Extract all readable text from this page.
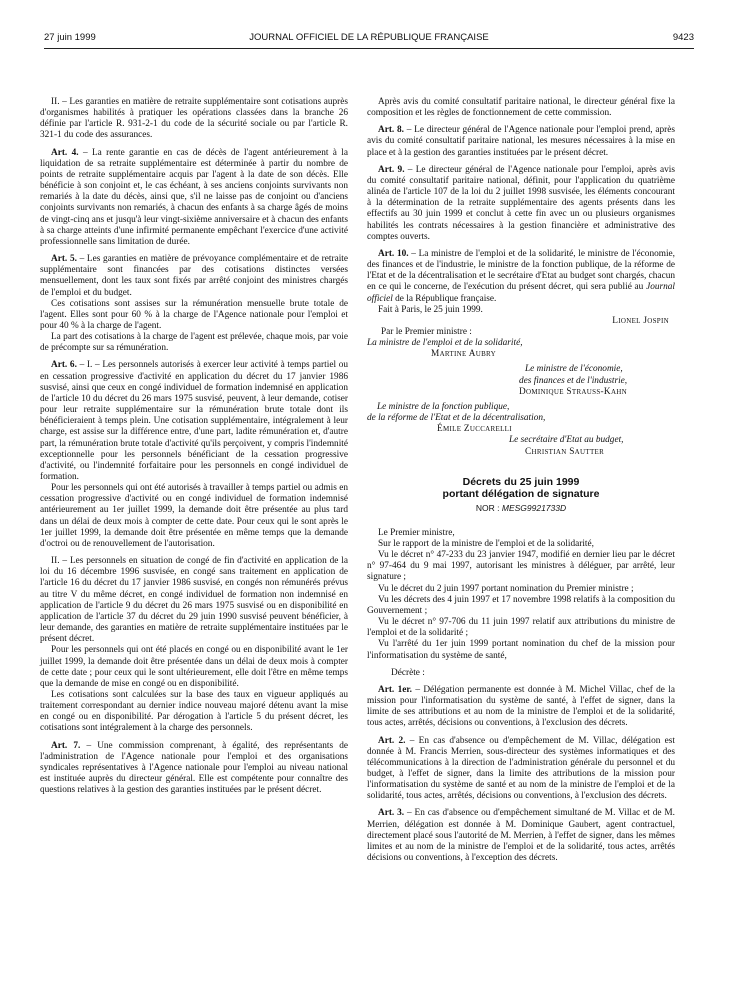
27 juin 1999	JOURNAL OFFICIEL DE LA RÉPUBLIQUE FRANÇAISE	9423

II. – Les garanties en matière de retraite supplémentaire sont cotisations auprès d'organismes habilités à pratiquer les opérations classées dans la branche 26 définie par l'article R. 931-2-1 du code de la sécurité sociale ou par l'article R. 321-1 du code des assurances.

Art. 4. – La rente garantie en cas de décès de l'agent antérieurement à la liquidation de sa retraite supplémentaire est déterminée à partir du nombre de points de retraite supplémentaire acquis par l'agent à la date de son décès. Elle bénéficie à son conjoint et, le cas échéant, à ses anciens conjoints survivants non remariés à la date du décès, ainsi que, s'il ne laisse pas de conjoint ou d'anciens conjoints survivants non remariés, à chacun des enfants à sa charge âgés de moins de vingt-cinq ans et jusqu'à leur vingt-sixième anniversaire et à chacun des enfants à sa charge atteints d'une infirmité permanente empêchant l'exercice d'une activité professionnelle sans limitation de durée.

Art. 5. – Les garanties en matière de prévoyance complémentaire et de retraite supplémentaire sont financées par des cotisations distinctes versées mensuellement, dont les taux sont fixés par arrêté conjoint des ministres chargés de l'emploi et du budget.

Ces cotisations sont assises sur la rémunération mensuelle brute totale de l'agent. Elles sont pour 60 % à la charge de l'Agence nationale pour l'emploi et pour 40 % à la charge de l'agent.

La part des cotisations à la charge de l'agent est prélevée, chaque mois, par voie de précompte sur sa rémunération.

Art. 6. – I. – Les personnels autorisés à exercer leur activité à temps partiel ou en cessation progressive d'activité en application du décret du 17 janvier 1986 susvisé, ainsi que ceux en congé individuel de formation indemnisé en application de l'article 10 du décret du 26 mars 1975 susvisé, peuvent, à leur demande, cotiser pour leur retraite supplémentaire sur la rémunération brute totale dont ils bénéficieraient à temps plein. Une cotisation supplémentaire, intégralement à leur charge, est assise sur la différence entre, d'une part, ladite rémunération et, d'autre part, la rémunération brute totale d'activité qu'ils perçoivent, y compris l'indemnité exceptionnelle pour les personnels bénéficiant de la cessation progressive d'activité, ou l'indemnité forfaitaire pour les personnels en congé individuel de formation.

Pour les personnels qui ont été autorisés à travailler à temps partiel ou admis en cessation progressive d'activité ou en congé individuel de formation indemnisé antérieurement au 1er juillet 1999, la demande doit être présentée au plus tard dans un délai de deux mois à compter de cette date. Pour ceux qui le sont après le 1er juillet 1999, la demande doit être présentée en même temps que la demande d'octroi ou de renouvellement de l'autorisation.

II. – Les personnels en situation de congé de fin d'activité en application de la loi du 16 décembre 1996 susvisée, en congé sans traitement en application de l'article 16 du décret du 17 janvier 1986 susvisé, en congés non rémunérés prévus au titre V du même décret, en congé individuel de formation non indemnisé en application de l'article 9 du décret du 26 mars 1975 susvisé ou en disponibilité en application de l'article 37 du décret du 29 juin 1990 susvisé peuvent bénéficier, à leur demande, des garanties en matière de retraite supplémentaire instituées par le présent décret.

Pour les personnels qui ont été placés en congé ou en disponibilité avant le 1er juillet 1999, la demande doit être présentée dans un délai de deux mois à compter de cette date ; pour ceux qui le sont ultérieurement, elle doit l'être en même temps que la demande de mise en congé ou en disponibilité.

Les cotisations sont calculées sur la base des taux en vigueur appliqués au traitement correspondant au dernier indice nouveau majoré détenu avant la mise en congé ou en disponibilité. Par dérogation à l'article 5 du présent décret, les cotisations sont intégralement à la charge des personnels.

Art. 7. – Une commission comprenant, à égalité, des représentants de l'administration de l'Agence nationale pour l'emploi et des organisations syndicales représentatives à l'Agence nationale pour l'emploi au niveau national est instituée auprès du directeur général. Elle est compétente pour connaître des questions relatives à la gestion des garanties instituées par le présent décret.

Après avis du comité consultatif paritaire national, le directeur général fixe la composition et les règles de fonctionnement de cette commission.

Art. 8. – Le directeur général de l'Agence nationale pour l'emploi prend, après avis du comité consultatif paritaire national, les mesures nécessaires à la mise en place et à la gestion des garanties instituées par le présent décret.

Art. 9. – Le directeur général de l'Agence nationale pour l'emploi, après avis du comité consultatif paritaire national, définit, pour l'application du quatrième alinéa de l'article 107 de la loi du 2 juillet 1998 susvisée, les éléments concourant à la détermination de la retraite supplémentaire des agents présents dans les effectifs au 30 juin 1999 et conclut à cette fin avec un ou plusieurs organismes habilités les contrats nécessaires à la gestion financière et administrative des comptes ouverts.

Art. 10. – La ministre de l'emploi et de la solidarité, le ministre de l'économie, des finances et de l'industrie, le ministre de la fonction publique, de la réforme de l'Etat et de la décentralisation et le secrétaire d'Etat au budget sont chargés, chacun en ce qui le concerne, de l'exécution du présent décret, qui sera publié au Journal officiel de la République française.

Fait à Paris, le 25 juin 1999.

Lionel Jospin

Par le Premier ministre :

La ministre de l'emploi et de la solidarité,

Martine Aubry

Le ministre de l'économie,

des finances et de l'industrie,

Dominique Strauss-Kahn

Le ministre de la fonction publique,

de la réforme de l'Etat et de la décentralisation,

Émile Zuccarelli

Le secrétaire d'Etat au budget,

Christian Sautter

Décrets du 25 juin 1999
portant délégation de signature
NOR : MESG9921733D

Le Premier ministre,

Sur le rapport de la ministre de l'emploi et de la solidarité,

Vu le décret n° 47-233 du 23 janvier 1947, modifié en dernier lieu par le décret n° 97-464 du 9 mai 1997, autorisant les ministres à déléguer, par arrêté, leur signature ;

Vu le décret du 2 juin 1997 portant nomination du Premier ministre ;

Vu les décrets des 4 juin 1997 et 17 novembre 1998 relatifs à la composition du Gouvernement ;

Vu le décret n° 97-706 du 11 juin 1997 relatif aux attributions du ministre de l'emploi et de la solidarité ;

Vu l'arrêté du 1er juin 1999 portant nomination du chef de la mission pour l'informatisation du système de santé,

Décrète :

Art. 1er. – Délégation permanente est donnée à M. Michel Villac, chef de la mission pour l'informatisation du système de santé, à l'effet de signer, dans la limite de ses attributions et au nom de la ministre de l'emploi et de la solidarité, tous actes, arrêtés, décisions ou conventions, à l'exclusion des décrets.

Art. 2. – En cas d'absence ou d'empêchement de M. Villac, délégation est donnée à M. Francis Merrien, sous-directeur des systèmes informatiques et des télécommunications à la direction de l'administration générale du personnel et du budget, à l'effet de signer, dans la limite des attributions de la mission pour l'informatisation du système de santé et au nom de la ministre de l'emploi et de la solidarité, tous actes, arrêtés, décisions ou conventions, à l'exclusion des décrets.

Art. 3. – En cas d'absence ou d'empêchement simultané de M. Villac et de M. Merrien, délégation est donnée à M. Dominique Gaubert, agent contractuel, directement placé sous l'autorité de M. Merrien, à l'effet de signer, dans les mêmes limites et au nom de la ministre de l'emploi et de la solidarité, tous actes, arrêtés décisions ou conventions, à l'exception des décrets.
